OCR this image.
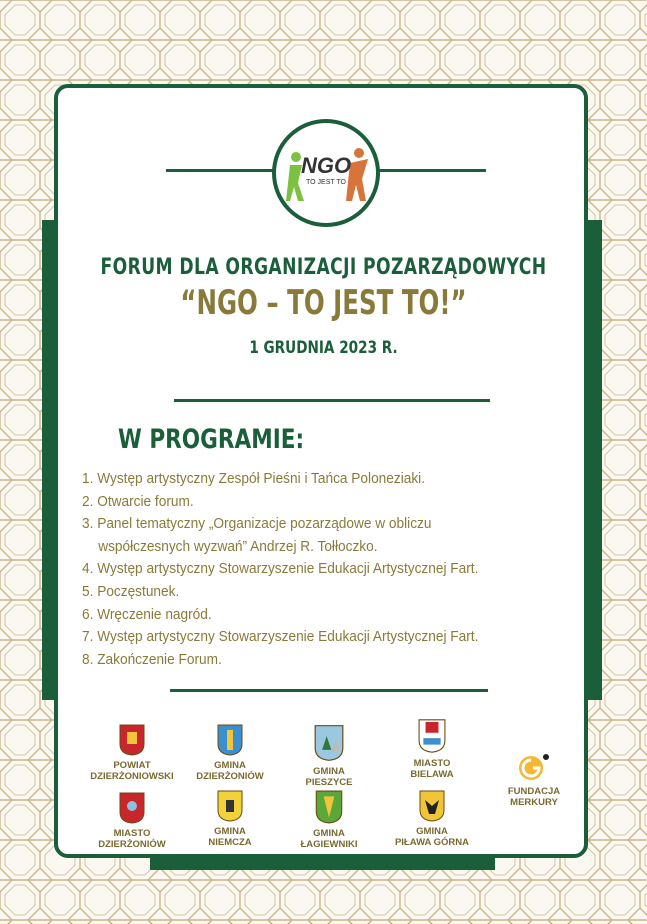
NGO
TO JEST TO
FORUM DLA ORGANIZACJI POZARZĄDOWYCH
“NGO – TO JEST TO!”
1 GRUDNIA 2023 R.
W PROGRAMIE:
1. Występ artystyczny Zespół Pieśni i Tańca Poloneziaki.
2. Otwarcie forum.
3. Panel tematyczny „Organizacje pozarządowe w obliczu
współczesnych wyzwań” Andrzej R. Tołłoczko.
4. Występ artystyczny Stowarzyszenie Edukacji Artystycznej Fart.
5. Poczęstunek.
6. Wręczenie nagród.
7. Występ artystyczny Stowarzyszenie Edukacji Artystycznej Fart.
8. Zakończenie Forum.
POWIAT
DZIERŻONIOWSKI
GMINA
DZIERŻONIÓW	GMINA
PIESZYCE
MIASTO
BIELAWA
FUNDACJA
MERKURY
MIASTO
DZIERŻONIÓW
GMINA
NIEMCZA
GMINA
ŁAGIEWNIKI
GMINA
PIŁAWA GÓRNA
